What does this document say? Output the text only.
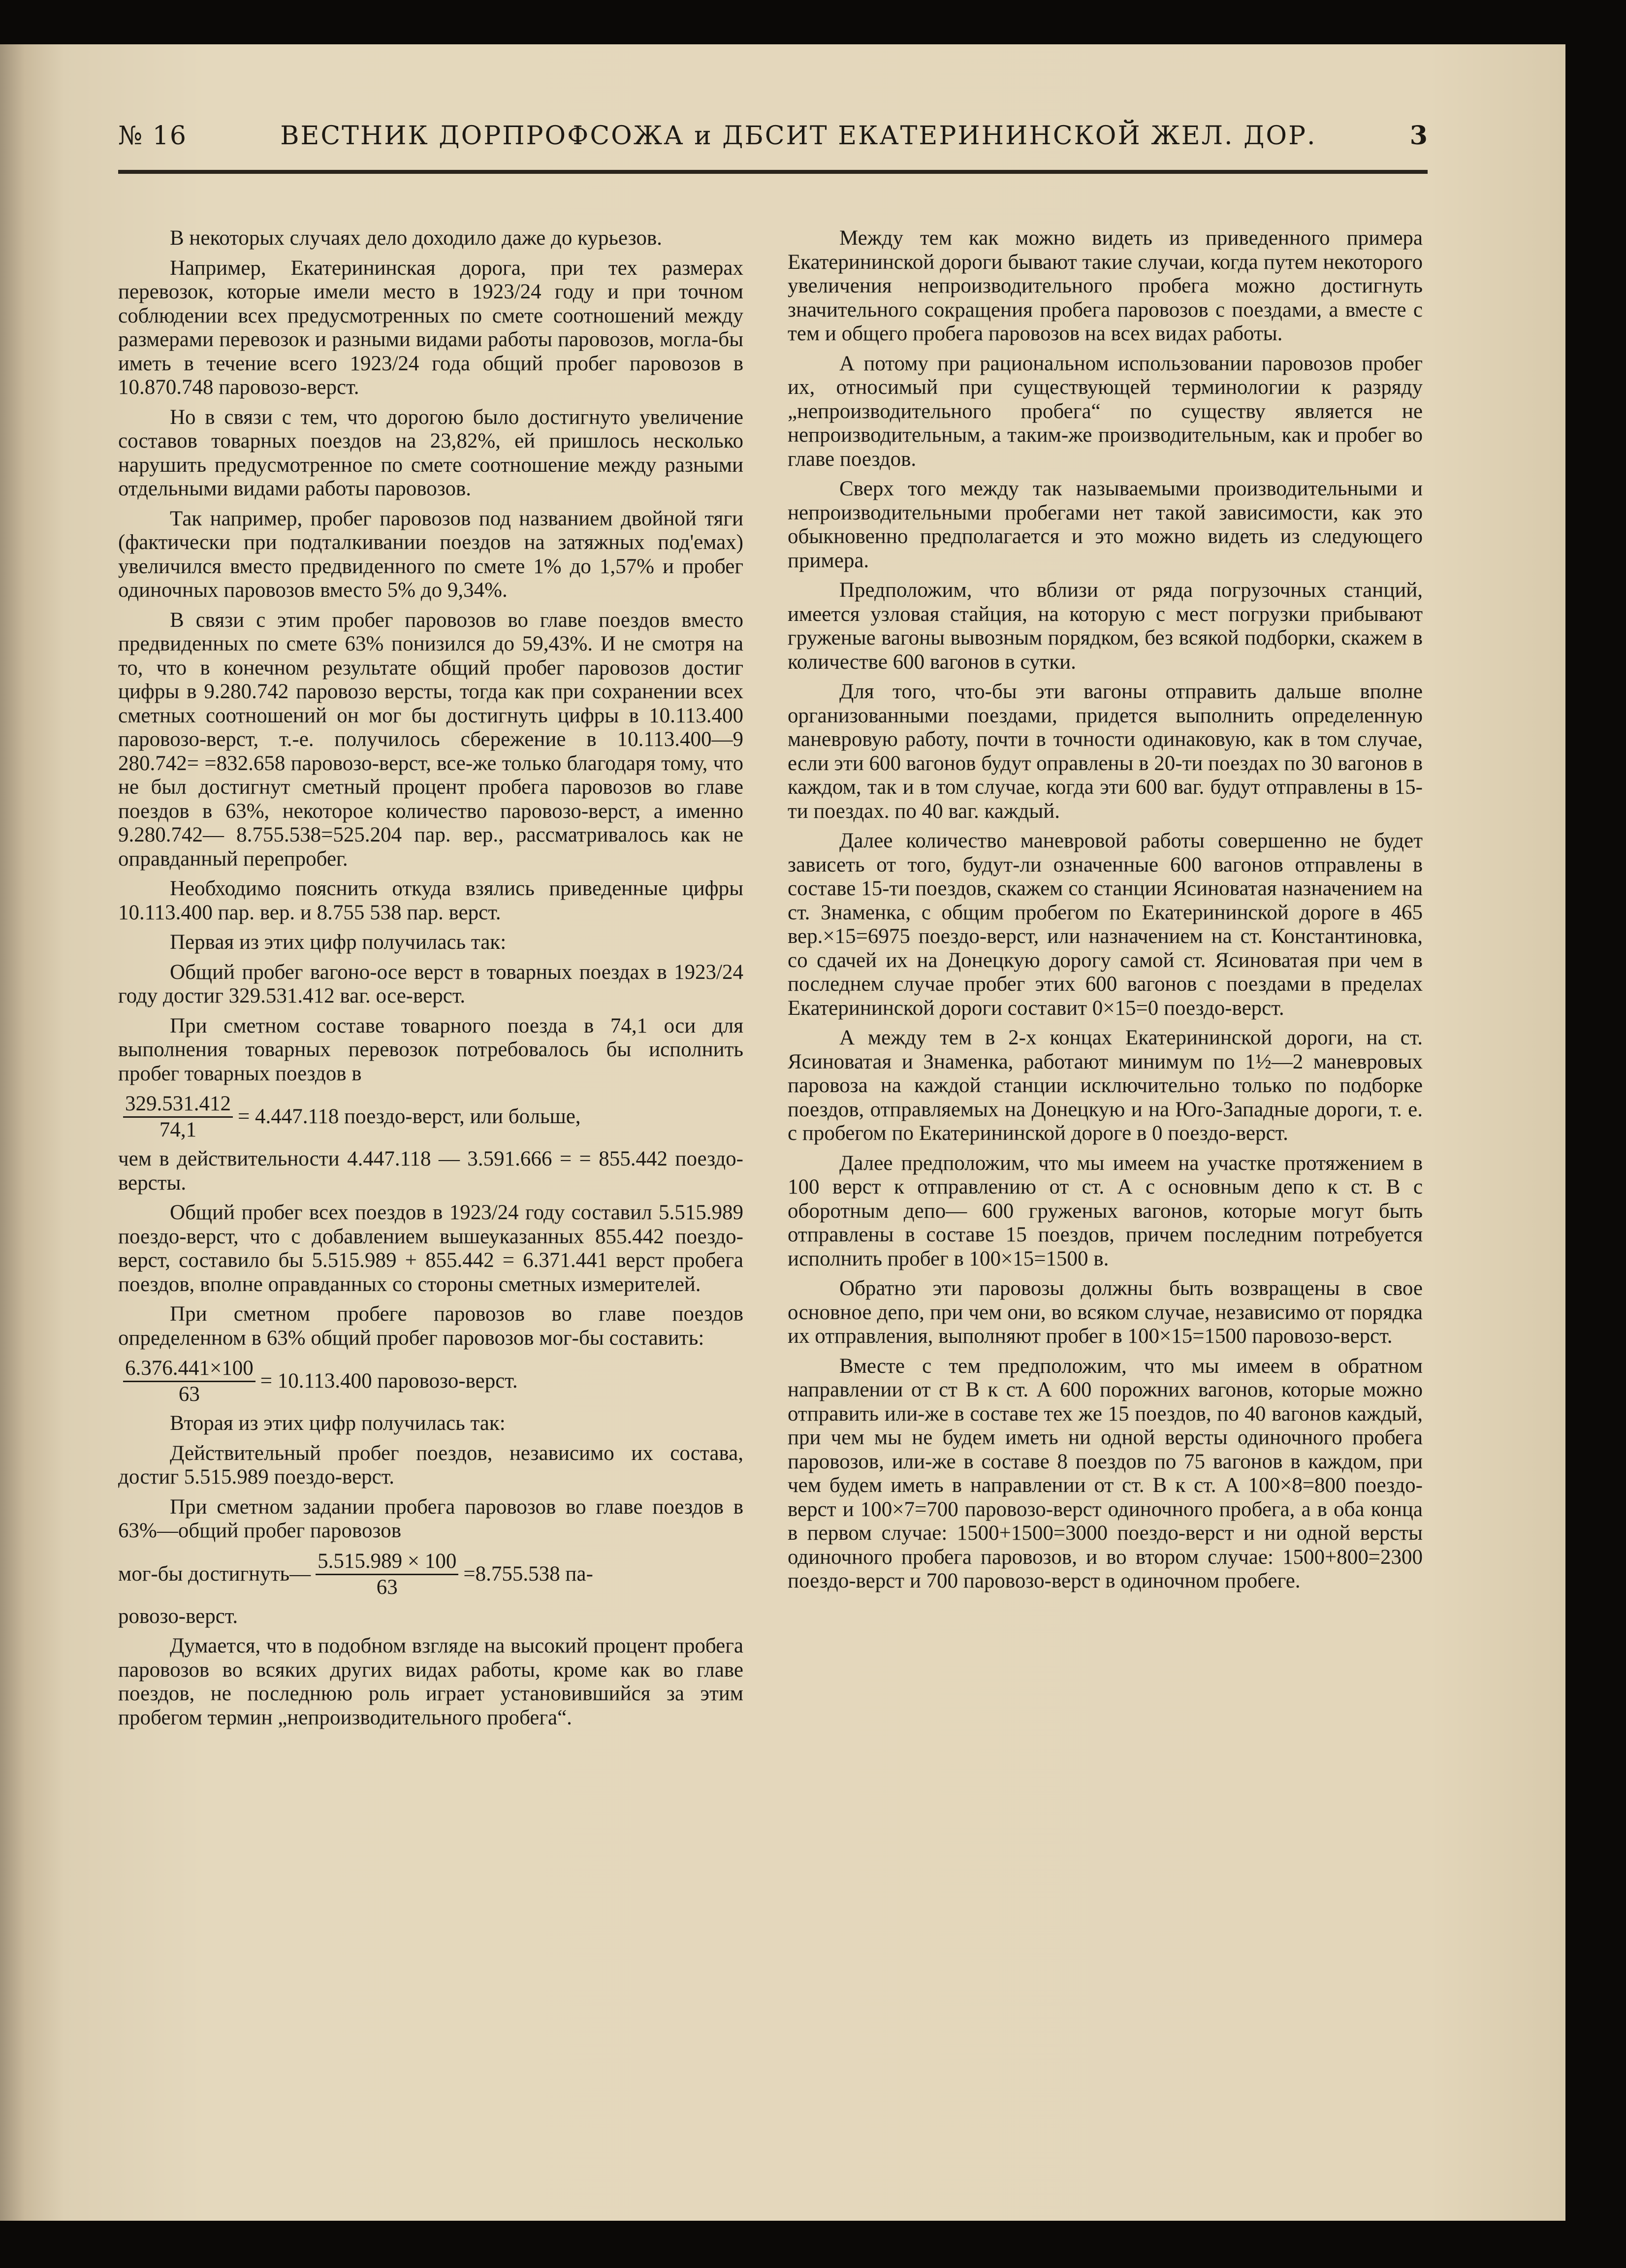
№ 16	ВЕСТНИК ДОРПРОФСОЖА и ДБСИТ ЕКАТЕРИНИНСКОЙ ЖЕЛ. ДОР.	3

В некоторых случаях дело доходило даже до курьезов.

Например, Екатерининская дорога, при тех размерах перевозок, которые имели место в 1923/24 году и при точном соблюдении всех предусмотренных по смете соотношений между размерами перевозок и разными видами работы паровозов, могла-бы иметь в течение всего 1923/24 года общий пробег паровозов в 10.870.748 паровозо-верст.

Но в связи с тем, что дорогою было достигнуто увеличение составов товарных поездов на 23,82%, ей пришлось несколько нарушить предусмотренное по смете соотношение между разными отдельными видами работы паровозов.

Так например, пробег паровозов под названием двойной тяги (фактически при подталкивании поездов на затяжных под'емах) увеличился вместо предвиденного по смете 1% до 1,57% и пробег одиночных паровозов вместо 5% до 9,34%.

В связи с этим пробег паровозов во главе поездов вместо предвиденных по смете 63% понизился до 59,43%. И не смотря на то, что в конечном результате общий пробег паровозов достиг цифры в 9.280.742 паровозо версты, тогда как при сохранении всех сметных соотношений он мог бы достигнуть цифры в 10.113.400 паровозо-верст, т.-е. получилось сбережение в 10.113.400—9 280.742= =832.658 паровозо-верст, все-же только благодаря тому, что не был достигнут сметный процент пробега паровозов во главе поездов в 63%, некоторое количество паровозо-верст, а именно 9.280.742— 8.755.538=525.204 пар. вер., рассматривалось как не оправданный перепробег.

Необходимо пояснить откуда взялись приведенные цифры 10.113.400 пар. вер. и 8.755 538 пар. верст.

Первая из этих цифр получилась так:

Общий пробег вагоно-осе верст в товарных поездах в 1923/24 году достиг 329.531.412 ваг. осе-верст.

При сметном составе товарного поезда в 74,1 оси для выполнения товарных перевозок потребовалось бы исполнить пробег товарных поездов в

$\frac{329.531.412}{74,1} = 4.447.118$ поездо-верст, или больше,

чем в действительности 4.447.118 — 3.591.666 = = 855.442 поездо-версты.

Общий пробег всех поездов в 1923/24 году составил 5.515.989 поездо-верст, что с добавлением вышеуказанных 855.442 поездо-верст, составило бы 5.515.989 + 855.442 = 6.371.441 верст пробега поездов, вполне оправданных со стороны сметных измерителей.

При сметном пробеге паровозов во главе поездов определенном в 63% общий пробег паровозов мог-бы составить:

$\frac{6.376.441\times 100}{63} = 10.113.400$ паровозо-верст.

Вторая из этих цифр получилась так:

Действительный пробег поездов, независимо их состава, достиг 5.515.989 поездо-верст.

При сметном задании пробега паровозов во главе поездов в 63%—общий пробег паровозов

мог-бы достигнуть— $\frac{5.515.989 \times 100}{63} =8.755.538$ па-

ровозо-верст.

Думается, что в подобном взгляде на высокий процент пробега паровозов во всяких других видах работы, кроме как во главе поездов, не последнюю роль играет установившийся за этим пробегом термин „непроизводительного пробега“.

Между тем как можно видеть из приведенного примера Екатерининской дороги бывают такие случаи, когда путем некоторого увеличения непроизводительного пробега можно достигнуть значительного сокращения пробега паровозов с поездами, а вместе с тем и общего пробега паровозов на всех видах работы.

А потому при рациональном использовании паровозов пробег их, относимый при существующей терминологии к разряду „непроизводительного пробега“ по существу является не непроизводительным, а таким-же производительным, как и пробег во главе поездов.

Сверх того между так называемыми производительными и непроизводительными пробегами нет такой зависимости, как это обыкновенно предполагается и это можно видеть из следующего примера.

Предположим, что вблизи от ряда погрузочных станций, имеется узловая стайция, на которую с мест погрузки прибывают груженые вагоны вывозным порядком, без всякой подборки, скажем в количестве 600 вагонов в сутки.

Для того, что-бы эти вагоны отправить дальше вполне организованными поездами, придется выполнить определенную маневровую работу, почти в точности одинаковую, как в том случае, если эти 600 вагонов будут оправлены в 20-ти поездах по 30 вагонов в каждом, так и в том случае, когда эти 600 ваг. будут отправлены в 15-ти поездах. по 40 ваг. каждый.

Далее количество маневровой работы совершенно не будет зависеть от того, будут-ли означенные 600 вагонов отправлены в составе 15-ти поездов, скажем со станции Ясиноватая назначением на ст. Знаменка, с общим пробегом по Екатерининской дороге в 465 вер.×15=6975 поездо-верст, или назначением на ст. Константиновка, со сдачей их на Донецкую дорогу самой ст. Ясиноватая при чем в последнем случае пробег этих 600 вагонов с поездами в пределах Екатерининской дороги составит 0×15=0 поездо-верст.

А между тем в 2-х концах Екатерининской дороги, на ст. Ясиноватая и Знаменка, работают минимум по 1½—2 маневровых паровоза на каждой станции исключительно только по подборке поездов, отправляемых на Донецкую и на Юго-Западные дороги, т. е. с пробегом по Екатерининской дороге в 0 поездо-верст.

Далее предположим, что мы имеем на участке протяжением в 100 верст к отправлению от ст. А с основным депо к ст. В с оборотным депо— 600 груженых вагонов, которые могут быть отправлены в составе 15 поездов, причем последним потребуется исполнить пробег в 100×15=1500 в.

Обратно эти паровозы должны быть возвращены в свое основное депо, при чем они, во всяком случае, независимо от порядка их отправления, выполняют пробег в 100×15=1500 паровозо-верст.

Вместе с тем предположим, что мы имеем в обратном направлении от ст В к ст. А 600 порожних вагонов, которые можно отправить или-же в составе тех же 15 поездов, по 40 вагонов каждый, при чем мы не будем иметь ни одной версты одиночного пробега паровозов, или-же в составе 8 поездов по 75 вагонов в каждом, при чем будем иметь в направлении от ст. В к ст. А 100×8=800 поездо-верст и 100×7=700 паровозо-верст одиночного пробега, а в оба конца в первом случае: 1500+1500=3000 поездо-верст и ни одной версты одиночного пробега паровозов, и во втором случае: 1500+800=2300 поездо-верст и 700 паровозо-верст в одиночном пробеге.
